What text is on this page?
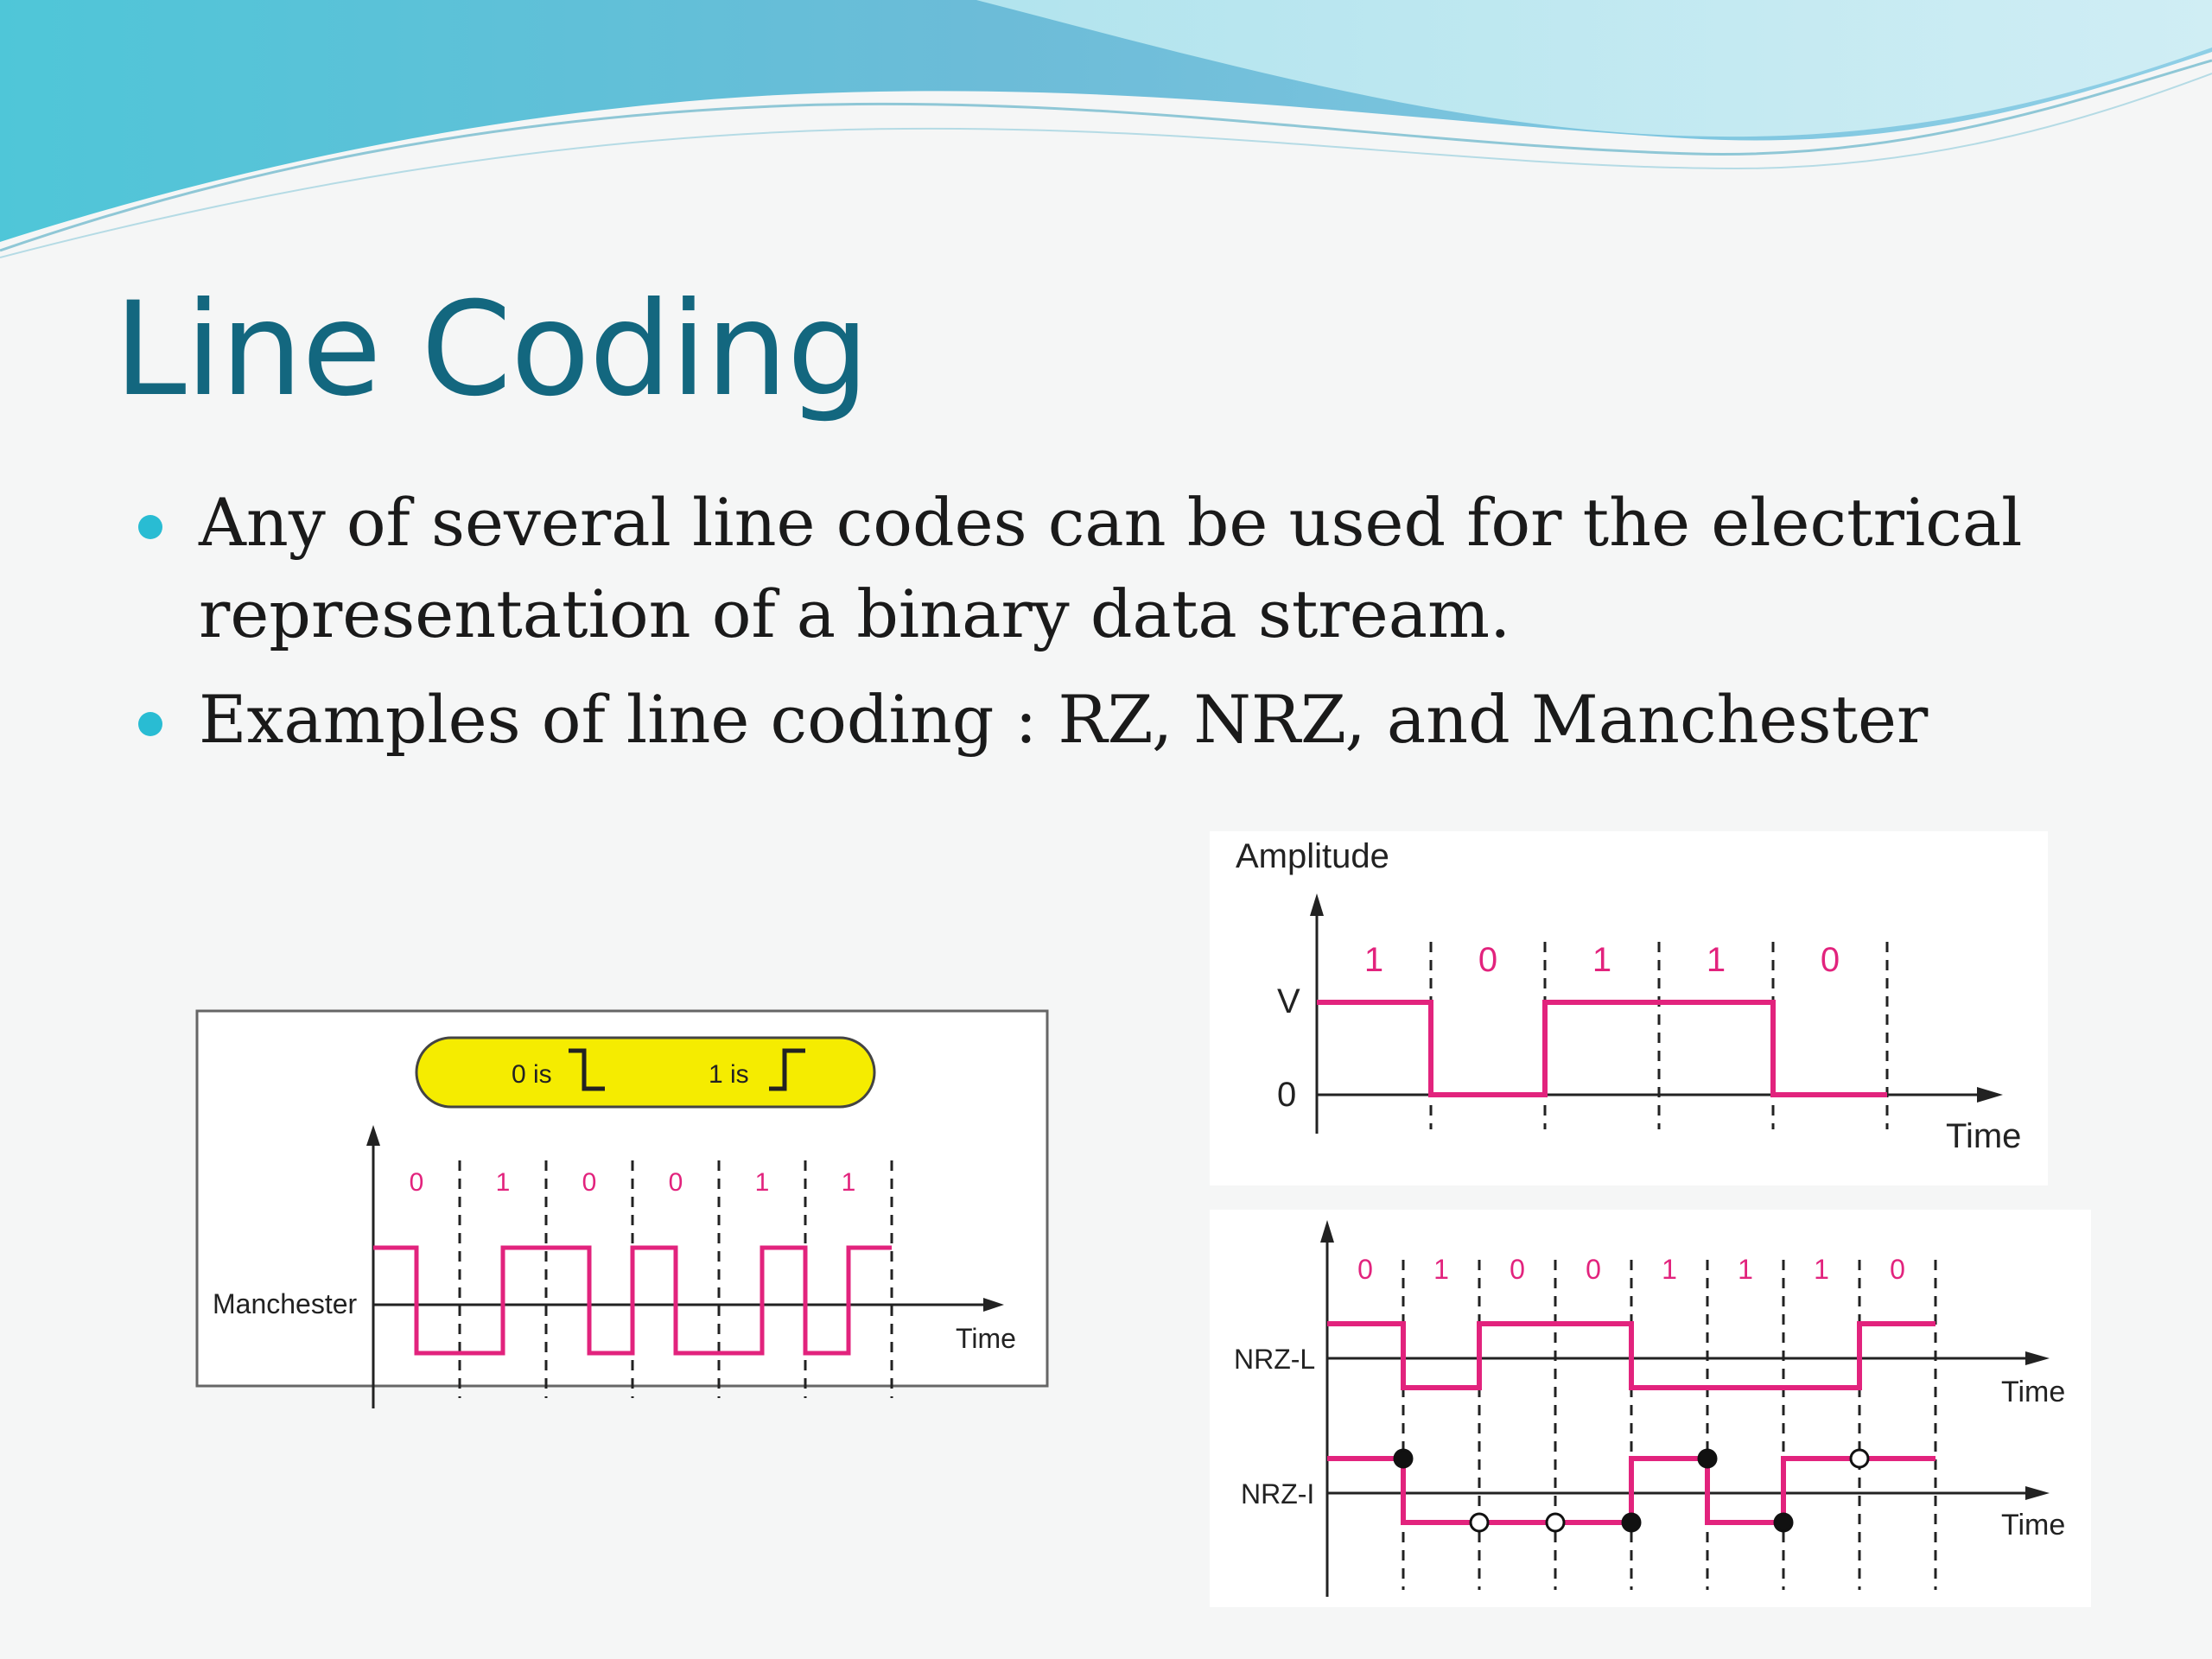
Line Coding
Any of several line codes can be used for the electrical representation of a binary data stream.
Examples of line coding : RZ, NRZ, and Manchester
0 is	1 is
0	1	0	0	1	1
Manchester
Time
Amplitude
V
0
1	0	1	1	0
Time
0 1 0 0 1 1 1 0
NRZ-L
NRZ-I
Time
Time
